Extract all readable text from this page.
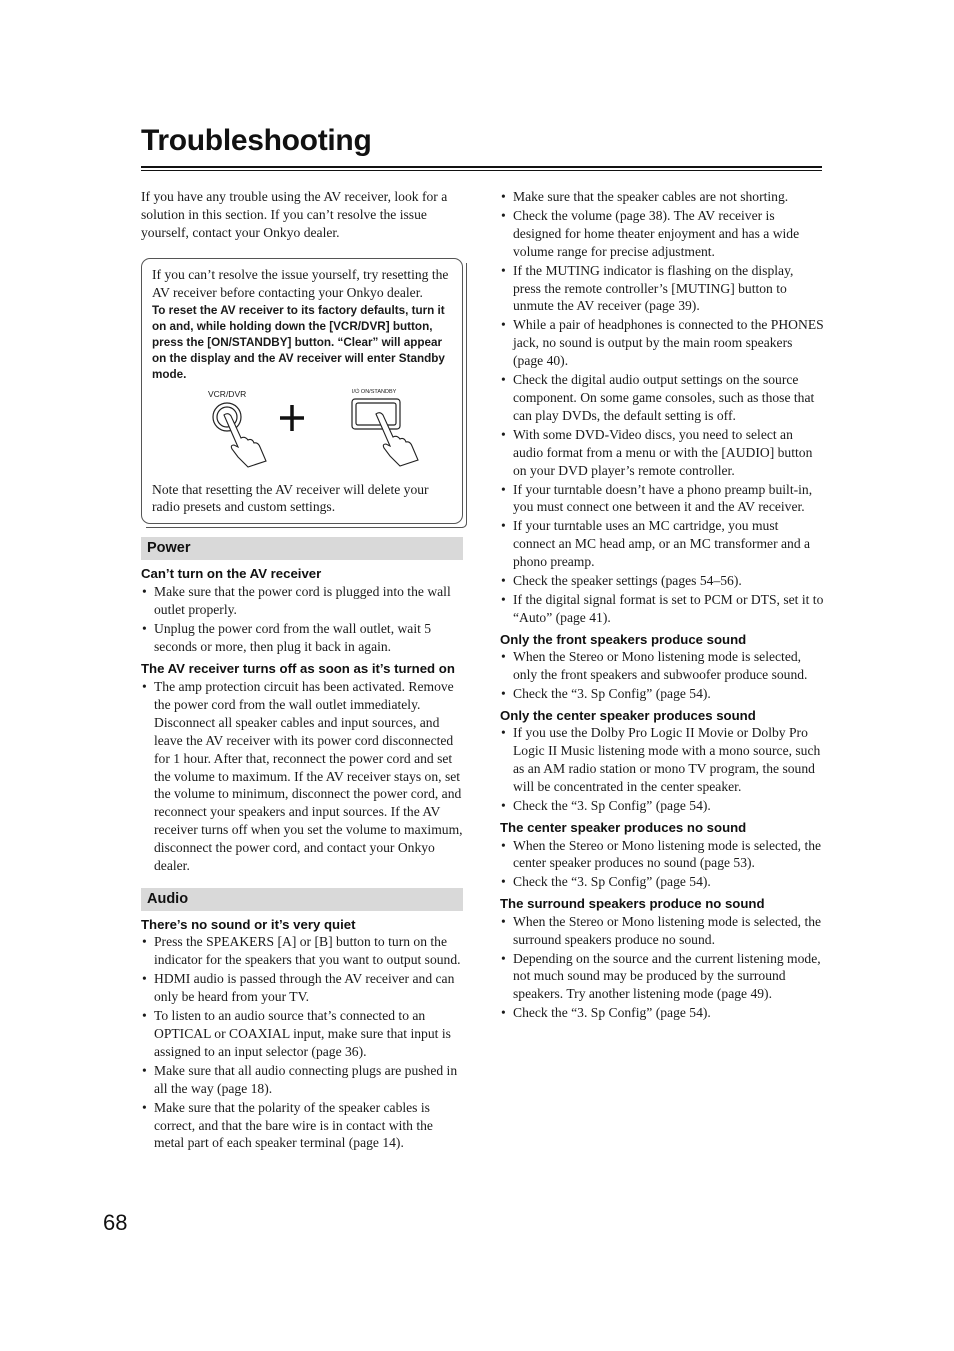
Troubleshooting

If you have any trouble using the AV receiver, look for a solution in this section. If you can’t resolve the issue yourself, contact your Onkyo dealer.

If you can’t resolve the issue yourself, try resetting the AV receiver before contacting your Onkyo dealer.

To reset the AV receiver to its factory defaults, turn it on and, while holding down the [VCR/DVR] button, press the [ON/STANDBY] button. “Clear” will appear on the display and the AV receiver will enter Standby mode.

VCR/DVR	I/⏻ ON/STANDBY

Note that resetting the AV receiver will delete your radio presets and custom settings.

Power
Can’t turn on the AV receiver
• Make sure that the power cord is plugged into the wall outlet properly.
• Unplug the power cord from the wall outlet, wait 5 seconds or more, then plug it back in again.
The AV receiver turns off as soon as it’s turned on
• The amp protection circuit has been activated. Remove the power cord from the wall outlet immediately. Disconnect all speaker cables and input sources, and leave the AV receiver with its power cord disconnected for 1 hour. After that, reconnect the power cord and set the volume to maximum. If the AV receiver stays on, set the volume to minimum, disconnect the power cord, and reconnect your speakers and input sources. If the AV receiver turns off when you set the volume to maximum, disconnect the power cord, and contact your Onkyo dealer.
Audio
There’s no sound or it’s very quiet
• Press the SPEAKERS [A] or [B] button to turn on the indicator for the speakers that you want to output sound.
• HDMI audio is passed through the AV receiver and can only be heard from your TV.
• To listen to an audio source that’s connected to an OPTICAL or COAXIAL input, make sure that input is assigned to an input selector (page 36).
• Make sure that all audio connecting plugs are pushed in all the way (page 18).
• Make sure that the polarity of the speaker cables is correct, and that the bare wire is in contact with the metal part of each speaker terminal (page 14).
• Make sure that the speaker cables are not shorting.
• Check the volume (page 38). The AV receiver is designed for home theater enjoyment and has a wide volume range for precise adjustment.
• If the MUTING indicator is flashing on the display, press the remote controller’s [MUTING] button to unmute the AV receiver (page 39).
• While a pair of headphones is connected to the PHONES jack, no sound is output by the main room speakers (page 40).
• Check the digital audio output settings on the source component. On some game consoles, such as those that can play DVDs, the default setting is off.
• With some DVD-Video discs, you need to select an audio format from a menu or with the [AUDIO] button on your DVD player’s remote controller.
• If your turntable doesn’t have a phono preamp built-in, you must connect one between it and the AV receiver.
• If your turntable uses an MC cartridge, you must connect an MC head amp, or an MC transformer and a phono preamp.
• Check the speaker settings (pages 54–56).
• If the digital signal format is set to PCM or DTS, set it to “Auto” (page 41).
Only the front speakers produce sound
• When the Stereo or Mono listening mode is selected, only the front speakers and subwoofer produce sound.
• Check the “3. Sp Config” (page 54).
Only the center speaker produces sound
• If you use the Dolby Pro Logic II Movie or Dolby Pro Logic II Music listening mode with a mono source, such as an AM radio station or mono TV program, the sound will be concentrated in the center speaker.
• Check the “3. Sp Config” (page 54).
The center speaker produces no sound
• When the Stereo or Mono listening mode is selected, the center speaker produces no sound (page 53).
• Check the “3. Sp Config” (page 54).
The surround speakers produce no sound
• When the Stereo or Mono listening mode is selected, the surround speakers produce no sound.
• Depending on the source and the current listening mode, not much sound may be produced by the surround speakers. Try another listening mode (page 49).
• Check the “3. Sp Config” (page 54).
68
